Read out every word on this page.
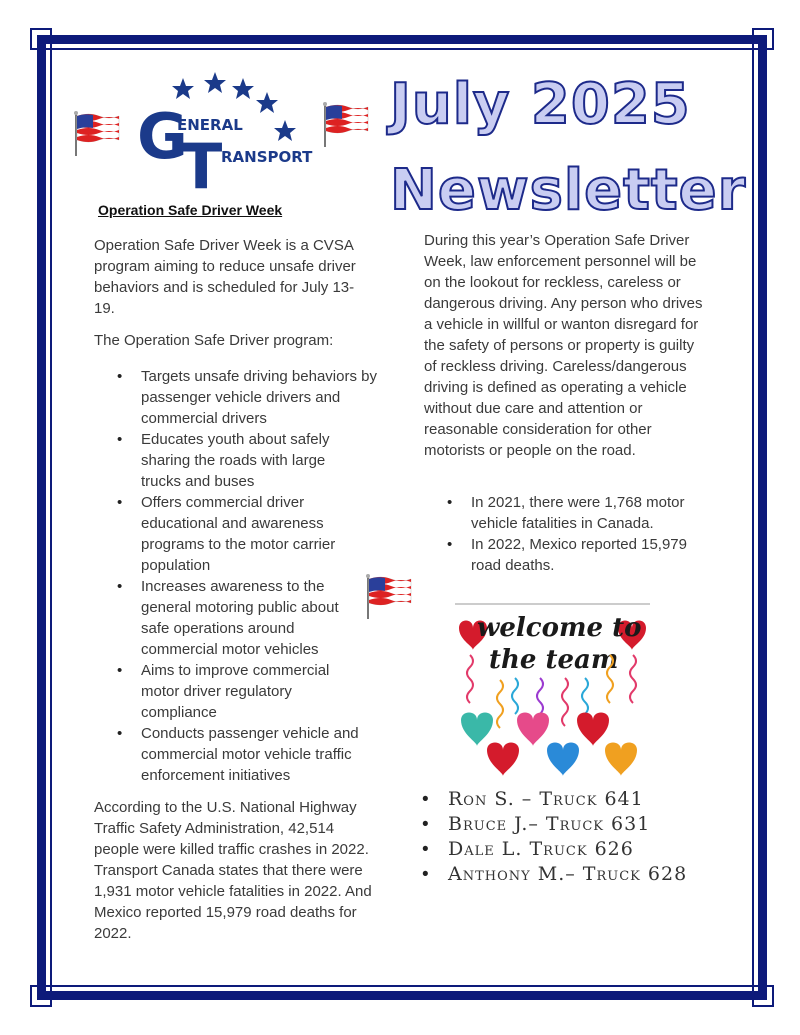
G
ENERAL
T
RANSPORT
July 2025
Newsletter
Operation Safe Driver Week

Operation Safe Driver Week is a CVSA program aiming to reduce unsafe driver behaviors and is scheduled for July 13-19.

The Operation Safe Driver program:

• Targets unsafe driving behaviors by passenger vehicle drivers and commercial drivers
• Educates youth about safely sharing the roads with large trucks and buses
• Offers commercial driver educational and awareness programs to the motor carrier population
• Increases awareness to the general motoring public about safe operations around commercial motor vehicles
• Aims to improve commercial motor driver regulatory compliance
• Conducts passenger vehicle and commercial motor vehicle traffic enforcement initiatives

According to the U.S. National Highway Traffic Safety Administration, 42,514 people were killed traffic crashes in 2022. Transport Canada states that there were 1,931 motor vehicle fatalities in 2022. And Mexico reported 15,979 road deaths for 2022.

During this year’s Operation Safe Driver Week, law enforcement personnel will be on the lookout for reckless, careless or dangerous driving. Any person who drives a vehicle in willful or wanton disregard for the safety of persons or property is guilty of reckless driving. Careless/dangerous driving is defined as operating a vehicle without due care and attention or reasonable consideration for other motorists or people on the road.

• In 2021, there were 1,768 motor vehicle fatalities in Canada.
• In 2022, Mexico reported 15,979 road deaths.
welcome to
the team
• Ron S. – Truck 641
• Bruce J.– Truck 631
• Dale L. Truck 626
• Anthony M.– Truck 628
